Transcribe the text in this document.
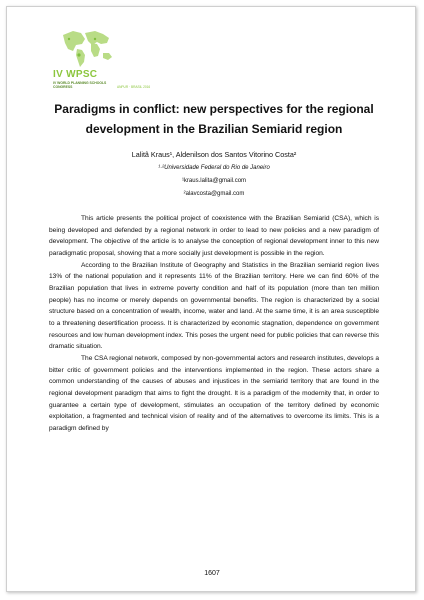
IV WPSC
IV WORLD PLANNING SCHOOLS CONGRESS	ANPUR · BRASIL 2016
Paradigms in conflict: new perspectives for the regional development in the Brazilian Semiarid region
Lalitâ Kraus¹, Aldenilson dos Santos Vitorino Costa²
¹·²Universidade Federal do Rio de Janeiro
¹kraus.lalita@gmail.com
²alavcosta@gmail.com

This article presents the political project of coexistence with the Brazilian Semiarid (CSA), which is being developed and defended by a regional network in order to lead to new policies and a new paradigm of development. The objective of the article is to analyse the conception of regional development inner to this new paradigmatic proposal, showing that a more socially just development is possible in the region.

According to the Brazilian Institute of Geography and Statistics in the Brazilian semiarid region lives 13% of the national population and it represents 11% of the Brazilian territory. Here we can find 60% of the Brazilian population that lives in extreme poverty condition and half of its population (more than ten million people) has no income or merely depends on governmental benefits. The region is characterized by a social structure based on a concentration of wealth, income, water and land. At the same time, it is an area susceptible to a threatening desertification process. It is characterized by economic stagnation, dependence on government resources and low human development index. This poses the urgent need for public policies that can reverse this dramatic situation.

The CSA regional network, composed by non-governmental actors and research institutes, develops a bitter critic of government policies and the interventions implemented in the region. These actors share a common understanding of the causes of abuses and injustices in the semiarid territory that are found in the regional development paradigm that aims to fight the drought. It is a paradigm of the modernity that, in order to guarantee a certain type of development, stimulates an occupation of the territory defined by economic exploitation, a fragmented and technical vision of reality and of the alternatives to overcome its limits. This is a paradigm defined by

1607
